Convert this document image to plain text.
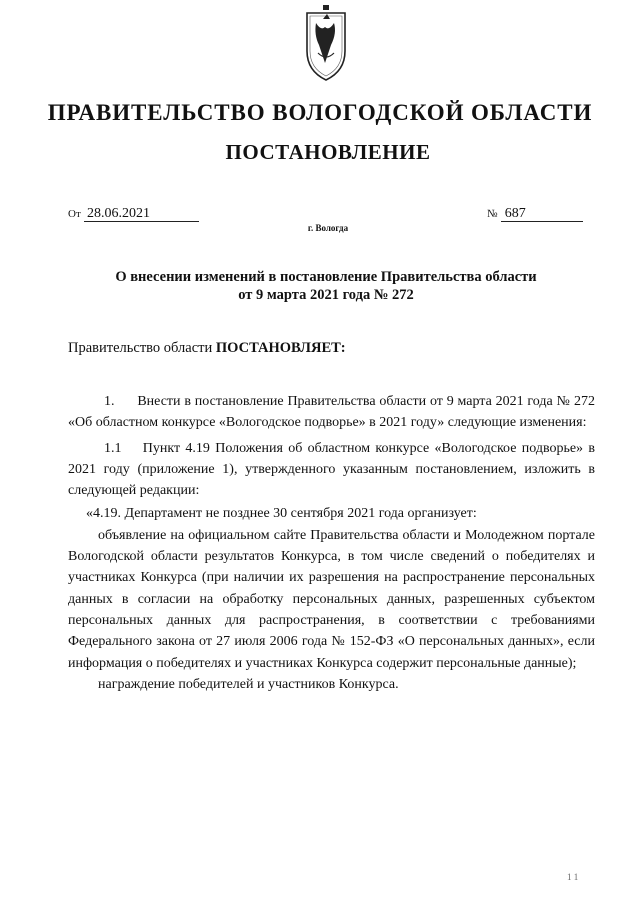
ПРАВИТЕЛЬСТВО ВОЛОГОДСКОЙ ОБЛАСТИ
ПОСТАНОВЛЕНИЕ
От 28.06.2021	№ 687
г. Вологда
О внесении изменений в постановление Правительства области
от 9 марта 2021 года № 272
Правительство области ПОСТАНОВЛЯЕТ:

1.      Внести в постановление Правительства области от 9 марта 2021 года № 272 «Об областном конкурсе «Вологодское подворье» в 2021 году» следующие изменения:

1.1    Пункт 4.19 Положения об областном конкурсе «Вологодское подворье» в 2021 году (приложение 1), утвержденного указанным постановлением, изложить в следующей редакции:

«4.19. Департамент не позднее 30 сентября 2021 года организует:

объявление на официальном сайте Правительства области и Молодежном портале Вологодской области результатов Конкурса, в том числе сведений о победителях и участниках Конкурса (при наличии их разрешения на распространение персональных данных в согласии на обработку персональных данных, разрешенных субъектом персональных данных для распространения, в соответствии с требованиями Федерального закона от 27 июля 2006 года № 152-ФЗ «О персональных данных», если информация о победителях и участниках Конкурса содержит персональные данные);

награждение победителей и участников Конкурса.

1 1
